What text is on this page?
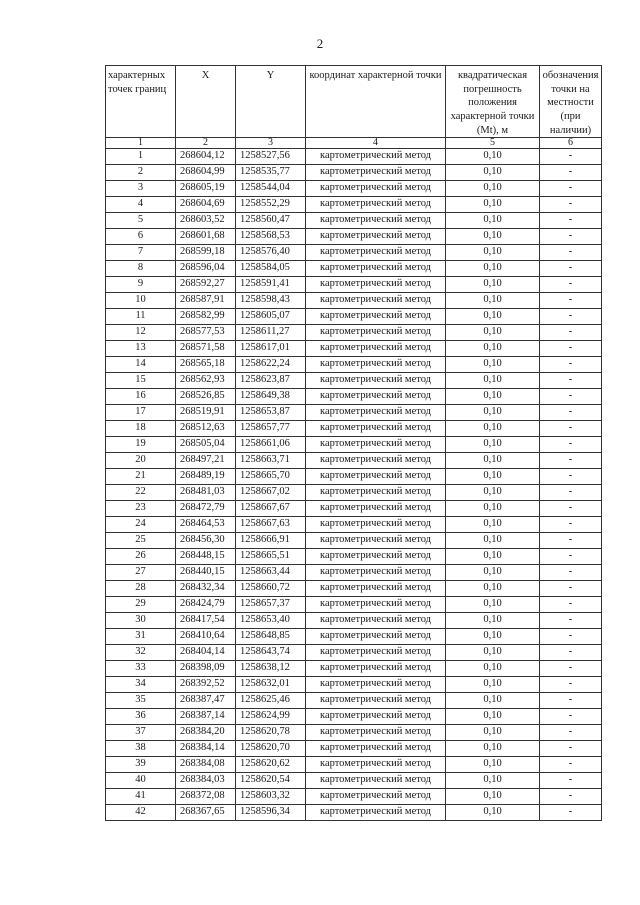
2
характерных точек границ	X	Y	координат характерной точки	квадратическая погрешность положения характерной точки (Mt), м	обозначения точки на местности (при наличии)
1	2	3	4	5	6
1	268604,12	1258527,56	картометрический метод	0,10	-
2	268604,99	1258535,77	картометрический метод	0,10	-
3	268605,19	1258544,04	картометрический метод	0,10	-
4	268604,69	1258552,29	картометрический метод	0,10	-
5	268603,52	1258560,47	картометрический метод	0,10	-
6	268601,68	1258568,53	картометрический метод	0,10	-
7	268599,18	1258576,40	картометрический метод	0,10	-
8	268596,04	1258584,05	картометрический метод	0,10	-
9	268592,27	1258591,41	картометрический метод	0,10	-
10	268587,91	1258598,43	картометрический метод	0,10	-
11	268582,99	1258605,07	картометрический метод	0,10	-
12	268577,53	1258611,27	картометрический метод	0,10	-
13	268571,58	1258617,01	картометрический метод	0,10	-
14	268565,18	1258622,24	картометрический метод	0,10	-
15	268562,93	1258623,87	картометрический метод	0,10	-
16	268526,85	1258649,38	картометрический метод	0,10	-
17	268519,91	1258653,87	картометрический метод	0,10	-
18	268512,63	1258657,77	картометрический метод	0,10	-
19	268505,04	1258661,06	картометрический метод	0,10	-
20	268497,21	1258663,71	картометрический метод	0,10	-
21	268489,19	1258665,70	картометрический метод	0,10	-
22	268481,03	1258667,02	картометрический метод	0,10	-
23	268472,79	1258667,67	картометрический метод	0,10	-
24	268464,53	1258667,63	картометрический метод	0,10	-
25	268456,30	1258666,91	картометрический метод	0,10	-
26	268448,15	1258665,51	картометрический метод	0,10	-
27	268440,15	1258663,44	картометрический метод	0,10	-
28	268432,34	1258660,72	картометрический метод	0,10	-
29	268424,79	1258657,37	картометрический метод	0,10	-
30	268417,54	1258653,40	картометрический метод	0,10	-
31	268410,64	1258648,85	картометрический метод	0,10	-
32	268404,14	1258643,74	картометрический метод	0,10	-
33	268398,09	1258638,12	картометрический метод	0,10	-
34	268392,52	1258632,01	картометрический метод	0,10	-
35	268387,47	1258625,46	картометрический метод	0,10	-
36	268387,14	1258624,99	картометрический метод	0,10	-
37	268384,20	1258620,78	картометрический метод	0,10	-
38	268384,14	1258620,70	картометрический метод	0,10	-
39	268384,08	1258620,62	картометрический метод	0,10	-
40	268384,03	1258620,54	картометрический метод	0,10	-
41	268372,08	1258603,32	картометрический метод	0,10	-
42	268367,65	1258596,34	картометрический метод	0,10	-
